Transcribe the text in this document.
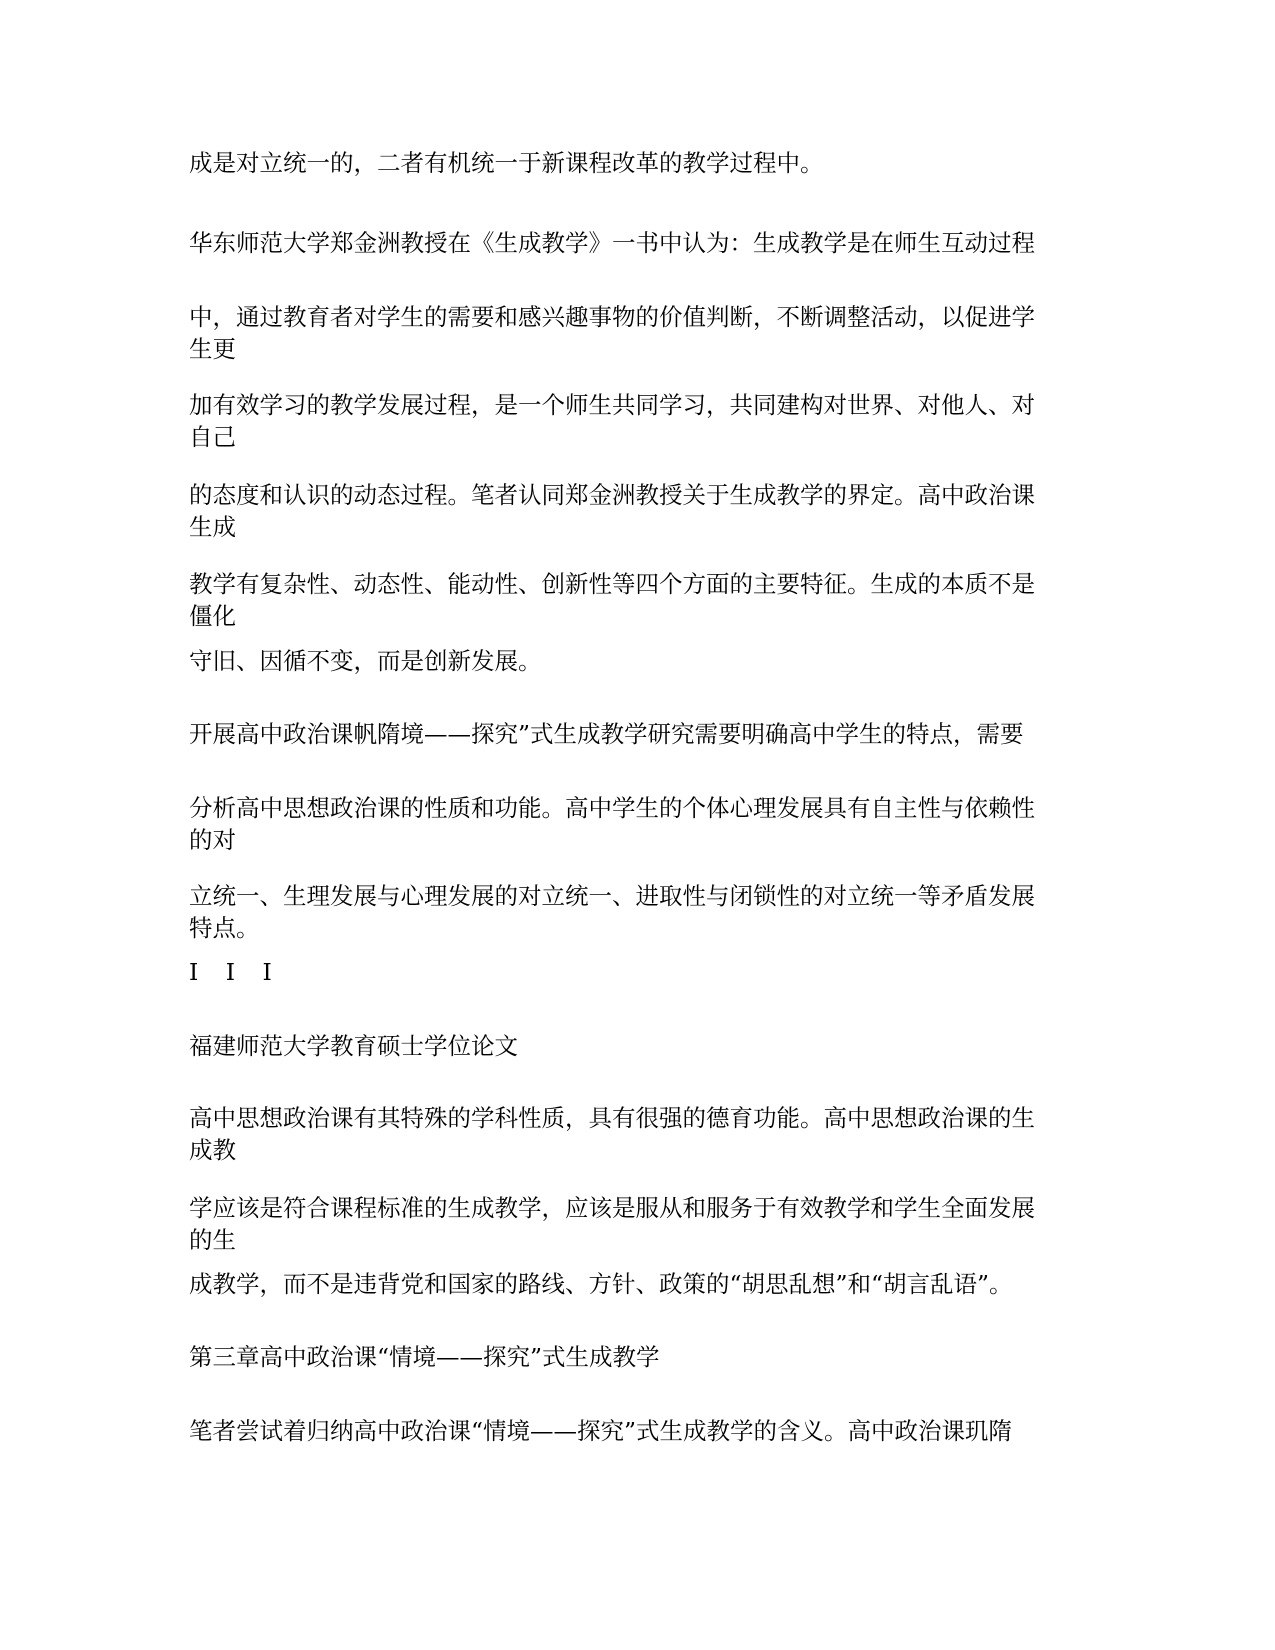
成是对立统一的，二者有机统一于新课程改革的教学过程中。

华东师范大学郑金洲教授在《生成教学》一书中认为：生成教学是在师生互动过程

中，通过教育者对学生的需要和感兴趣事物的价值判断，不断调整活动，以促进学
生更

加有效学习的教学发展过程，是一个师生共同学习，共同建构对世界、对他人、对
自己

的态度和认识的动态过程。笔者认同郑金洲教授关于生成教学的界定。高中政治课
生成

教学有复杂性、动态性、能动性、创新性等四个方面的主要特征。生成的本质不是
僵化

守旧、因循不变，而是创新发展。

开展高中政治课帆隋境——探究”式生成教学研究需要明确高中学生的特点，需要

分析高中思想政治课的性质和功能。高中学生的个体心理发展具有自主性与依赖性
的对

立统一、生理发展与心理发展的对立统一、进取性与闭锁性的对立统一等矛盾发展
特点。

I I I

福建师范大学教育硕士学位论文

高中思想政治课有其特殊的学科性质，具有很强的德育功能。高中思想政治课的生
成教

学应该是符合课程标准的生成教学，应该是服从和服务于有效教学和学生全面发展
的生

成教学，而不是违背党和国家的路线、方针、政策的“胡思乱想”和“胡言乱语”。

第三章高中政治课“情境——探究”式生成教学

笔者尝试着归纳高中政治课“情境——探究”式生成教学的含义。高中政治课玑隋
